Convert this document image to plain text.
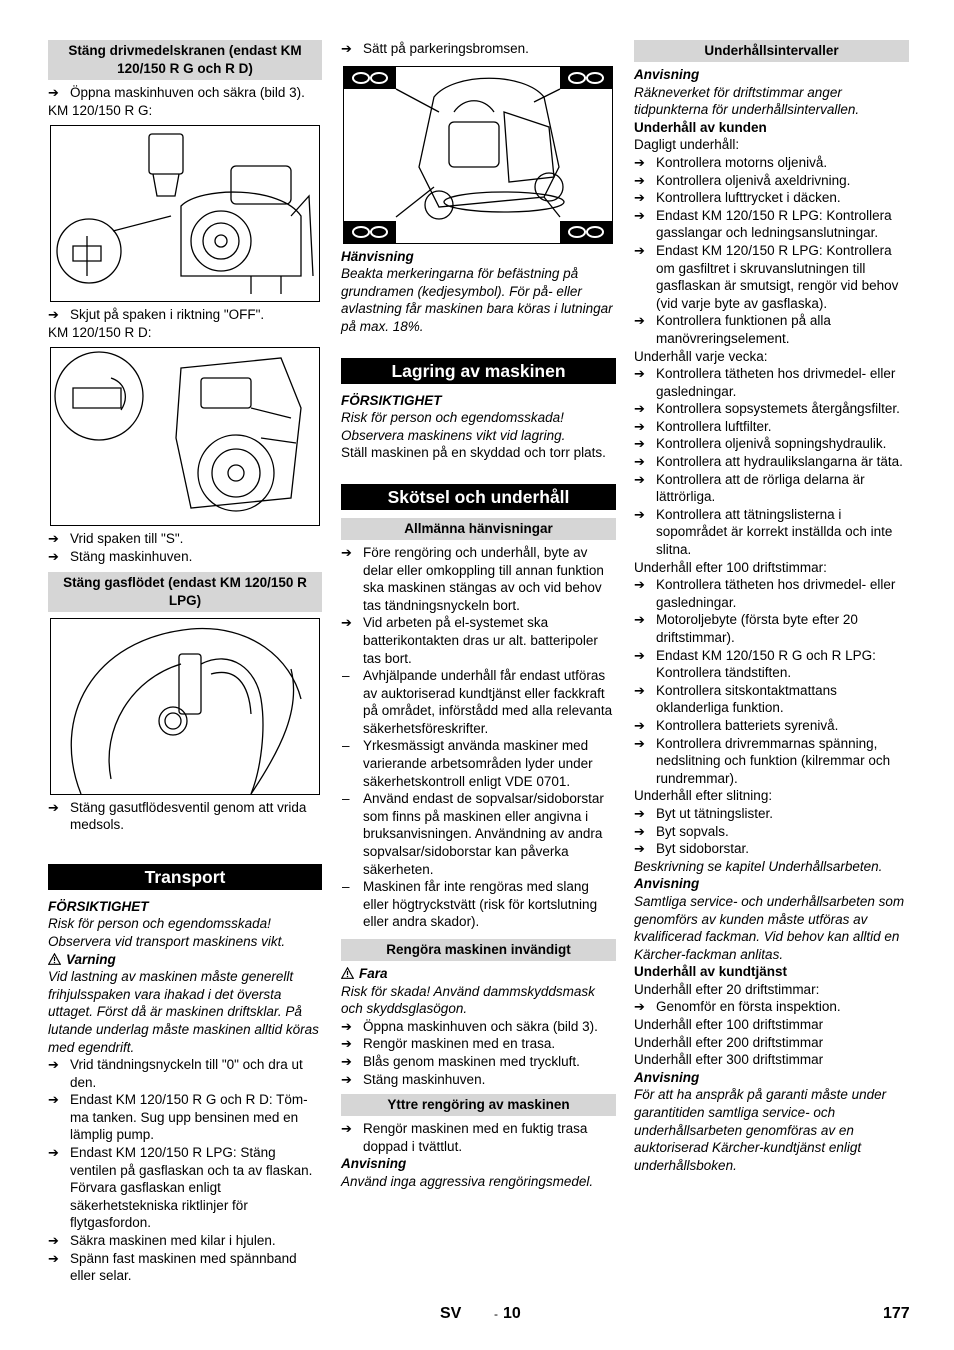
Stäng drivmedelskranen (endast KM 120/150 R G och R D)
➔ Öppna maskinhuven och säkra (bild 3).
KM 120/150 R G:
➔ Skjut på spaken i riktning "OFF".
KM 120/150 R D:
➔ Vrid spaken till "S".
➔ Stäng maskinhuven.
Stäng gasflödet (endast KM 120/150 R LPG)
➔ Stäng gasutflödesventil genom att vrida medsols.
Transport
FÖRSIKTIGHET
Risk för person och egendomsskada! Observera vid transport maskinens vikt.
Varning
Vid lastning av maskinen måste generellt frihjulsspaken vara ihakad i det översta uttaget. Först då är maskinen driftsklar. På lutande underlag måste maskinen alltid köras med egendrift.
➔ Vrid tändningsnyckeln till "0" och dra ut den.
➔ Endast KM 120/150 R G och R D: Töm-ma tanken. Sug upp bensinen med en lämplig pump.
➔ Endast KM 120/150 R LPG: Stäng ventilen på gasflaskan och ta av flaskan. Förvara gasflaskan enligt säkerhetstekniska riktlinjer för flytgasfordon.
➔ Säkra maskinen med kilar i hjulen.
➔ Spänn fast maskinen med spännband eller selar.
➔ Sätt på parkeringsbromsen.
Hänvisning
Beakta merkeringarna för befästning på grundramen (kedjesymbol). För på- eller avlastning får maskinen bara köras i lutningar på max. 18%.
Lagring av maskinen
FÖRSIKTIGHET
Risk för person och egendomsskada! Observera maskinens vikt vid lagring.
Ställ maskinen på en skyddad och torr plats.
Skötsel och underhåll
Allmänna hänvisningar
➔ Före rengöring och underhåll, byte av delar eller omkoppling till annan funktion ska maskinen stängas av och vid behov tas tändningsnyckeln bort.
➔ Vid arbeten på el-systemet ska batterikontakten dras ur alt. batteripoler tas bort.
– Avhjälpande underhåll får endast utföras av auktoriserad kundtjänst eller fackkraft på området, införstådd med alla relevanta säkerhetsföreskrifter.
– Yrkesmässigt använda maskiner med varierande arbetsområden lyder under säkerhetskontroll enligt VDE 0701.
– Använd endast de sopvalsar/sidoborstar som finns på maskinen eller angivna i bruksanvisningen. Användning av andra sopvalsar/sidoborstar kan påverka säkerheten.
– Maskinen får inte rengöras med slang eller högtryckstvätt (risk för kortslutning eller andra skador).
Rengöra maskinen invändigt
Fara
Risk för skada! Använd dammskyddsmask och skyddsglasögon.
➔ Öppna maskinhuven och säkra (bild 3).
➔ Rengör maskinen med en trasa.
➔ Blås genom maskinen med tryckluft.
➔ Stäng maskinhuven.
Yttre rengöring av maskinen
➔ Rengör maskinen med en fuktig trasa doppad i tvättlut.
Anvisning
Använd inga aggressiva rengöringsmedel.
Underhållsintervaller
Anvisning
Räkneverket för driftstimmar anger tidpunkterna för underhållsintervallen.
Underhåll av kunden
Dagligt underhåll:
➔ Kontrollera motorns oljenivå.
➔ Kontrollera oljenivå axeldrivning.
➔ Kontrollera lufttrycket i däcken.
➔ Endast KM 120/150 R LPG: Kontrollera gasslangar och ledningsanslutningar.
➔ Endast KM 120/150 R LPG: Kontrollera om gasfiltret i skruvanslutningen till gasflaskan är smutsigt, rengör vid behov (vid varje byte av gasflaska).
➔ Kontrollera funktionen på alla manövreringselement.
Underhåll varje vecka:
➔ Kontrollera tätheten hos drivmedel- eller gasledningar.
➔ Kontrollera sopsystemets återgångsfilter.
➔ Kontrollera luftfilter.
➔ Kontrollera oljenivå sopningshydraulik.
➔ Kontrollera att hydraulikslangarna är täta.
➔ Kontrollera att de rörliga delarna är lättrörliga.
➔ Kontrollera att tätningslisterna i sopområdet är korrekt inställda och inte slitna.
Underhåll efter 100 driftstimmar:
➔ Kontrollera tätheten hos drivmedel- eller gasledningar.
➔ Motoroljebyte (första byte efter 20 driftstimmar).
➔ Endast KM 120/150 R G och R LPG: Kontrollera tändstiften.
➔ Kontrollera sitskontaktmattans oklanderliga funktion.
➔ Kontrollera batteriets syrenivå.
➔ Kontrollera drivremmarnas spänning, nedslitning och funktion (kilremmar och rundremmar).
Underhåll efter slitning:
➔ Byt ut tätningslister.
➔ Byt sopvals.
➔ Byt sidoborstar.
Beskrivning se kapitel Underhållsarbeten.
Anvisning
Samtliga service- och underhållsarbeten som genomförs av kunden måste utföras av kvalificerad fackman. Vid behov kan alltid en Kärcher-fackman anlitas.
Underhåll av kundtjänst
Underhåll efter 20 driftstimmar:
➔ Genomför en första inspektion.
Underhåll efter 100 driftstimmar
Underhåll efter 200 driftstimmar
Underhåll efter 300 driftstimmar
Anvisning
För att ha anspråk på garanti måste under garantitiden samtliga service- och underhållsarbeten genomföras av en auktoriserad Kärcher-kundtjänst enligt underhållsboken.
SV	- 10	177
